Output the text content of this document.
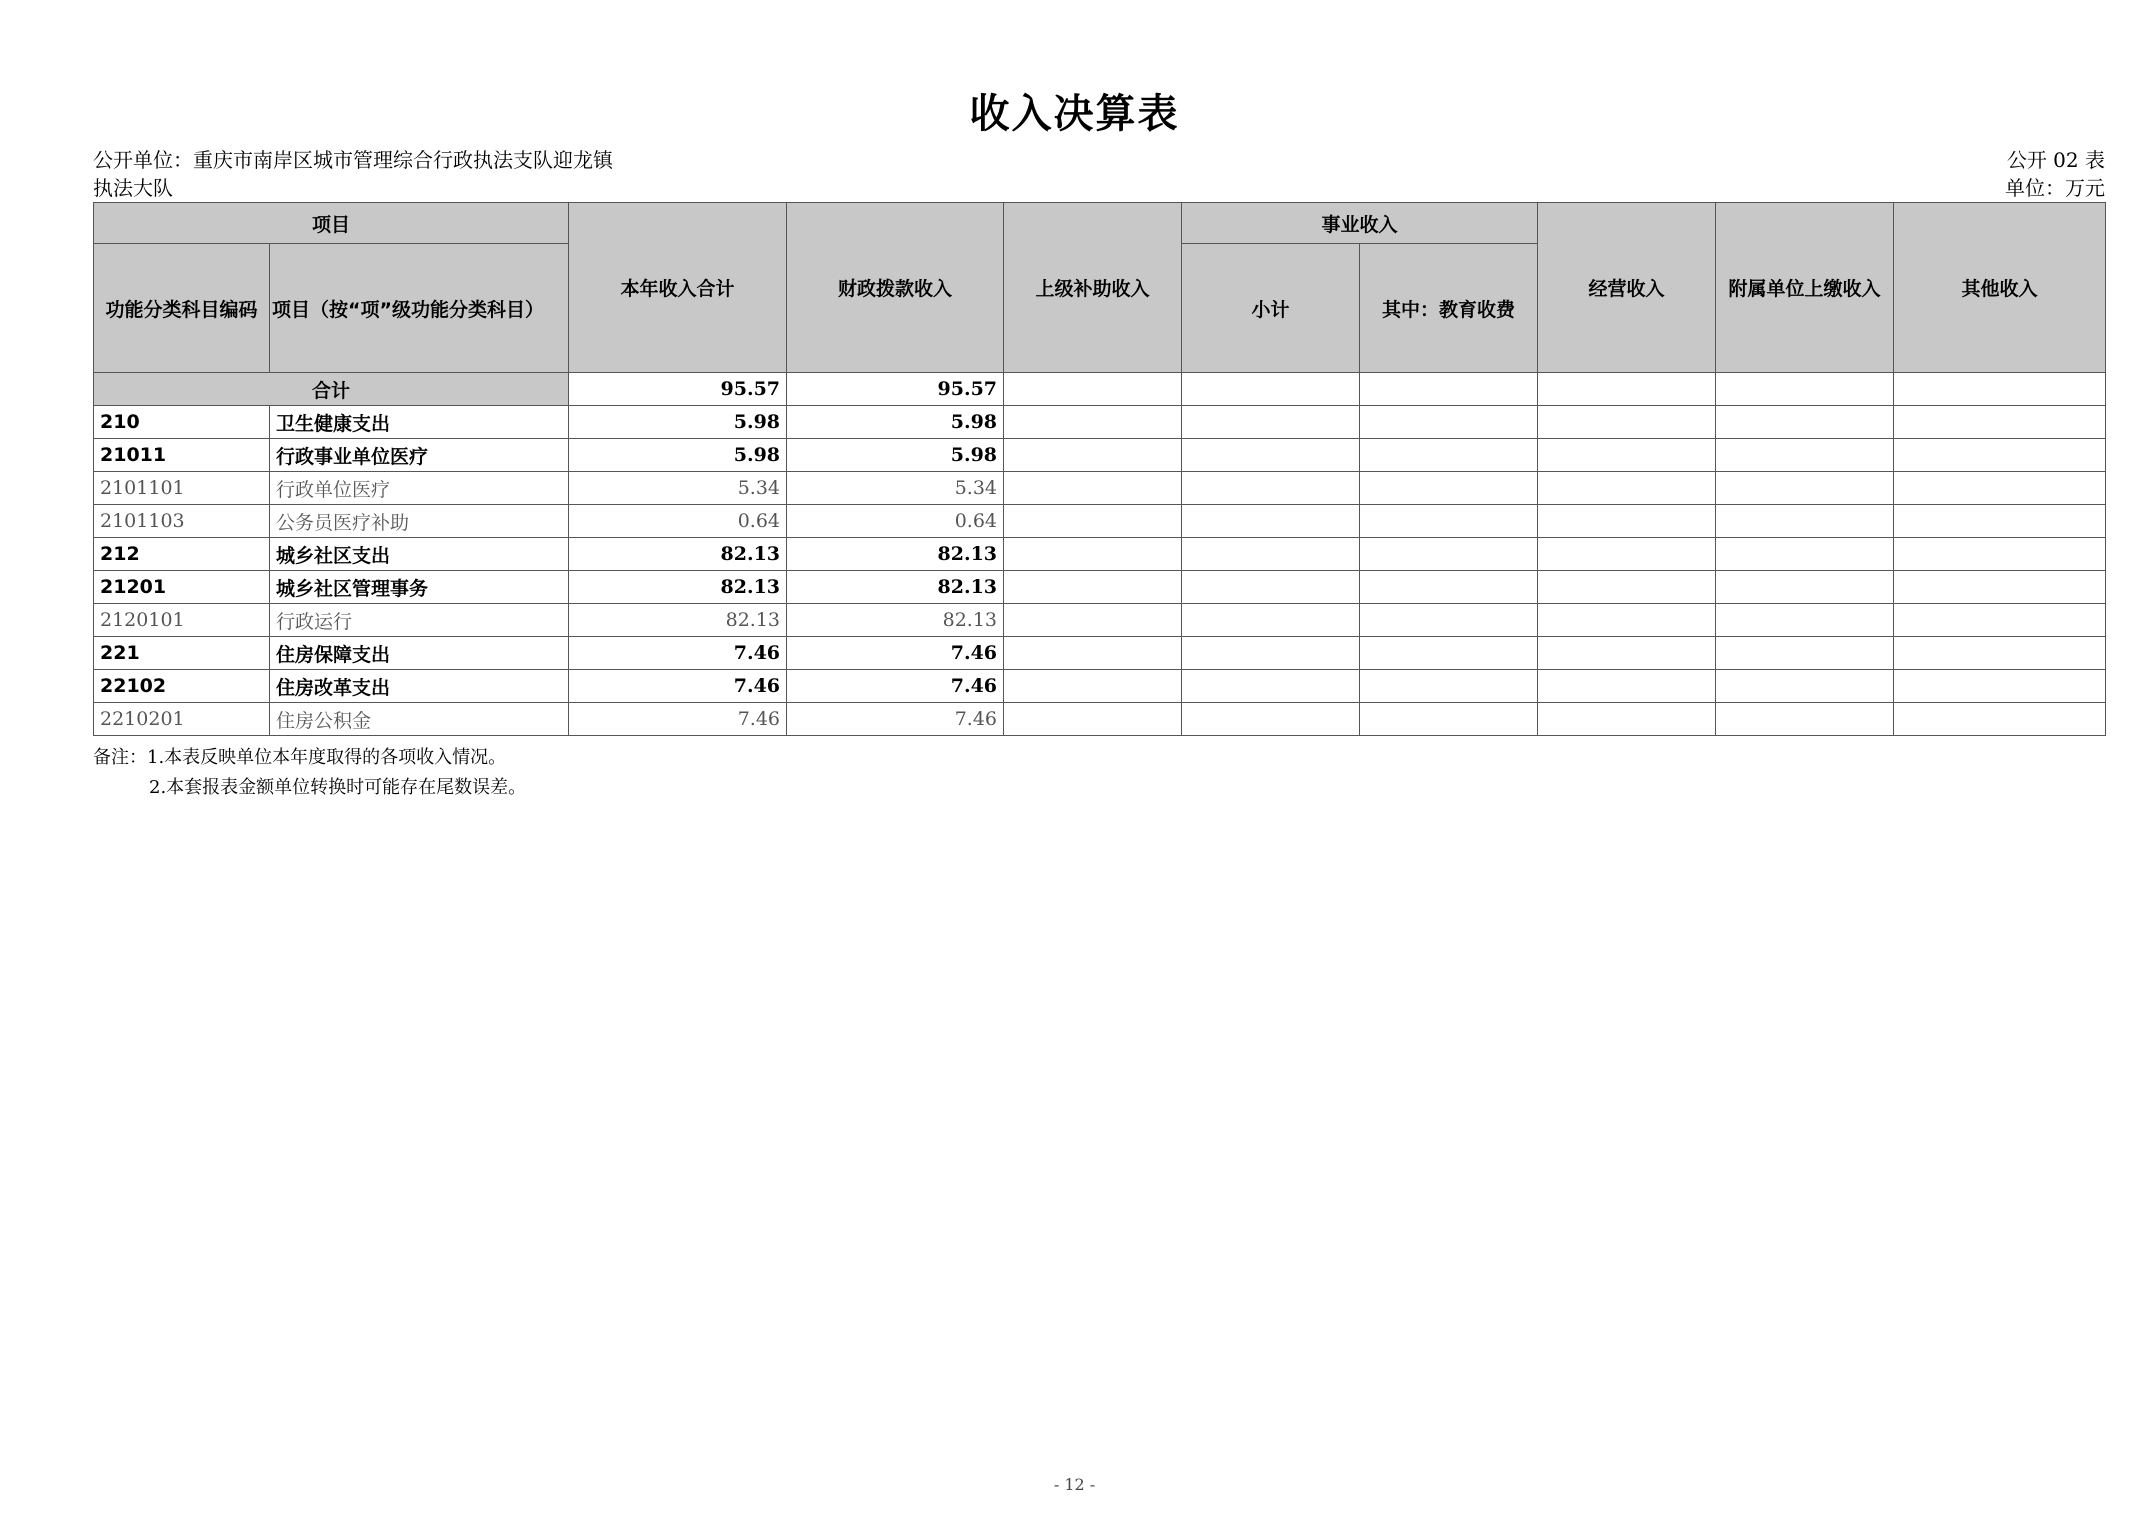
收入决算表
公开单位：重庆市南岸区城市管理综合行政执法支队迎龙镇执法大队
公开 02 表
单位：万元
项目		本年收入合计	财政拨款收入	上级补助收入	事业收入		经营收入	附属单位上缴收入	其他收入
功能分类科目编码	项目（按“项”级功能分类科目）				小计	其中：教育收费			
合计		95.57	95.57						
210	卫生健康支出	5.98	5.98						
21011	行政事业单位医疗	5.98	5.98						
2101101	行政单位医疗	5.34	5.34						
2101103	公务员医疗补助	0.64	0.64						
212	城乡社区支出	82.13	82.13						
21201	城乡社区管理事务	82.13	82.13						
2120101	行政运行	82.13	82.13						
221	住房保障支出	7.46	7.46						
22102	住房改革支出	7.46	7.46						
2210201	住房公积金	7.46	7.46						
备注：1.本表反映单位本年度取得的各项收入情况。
2.本套报表金额单位转换时可能存在尾数误差。
- 12 -
